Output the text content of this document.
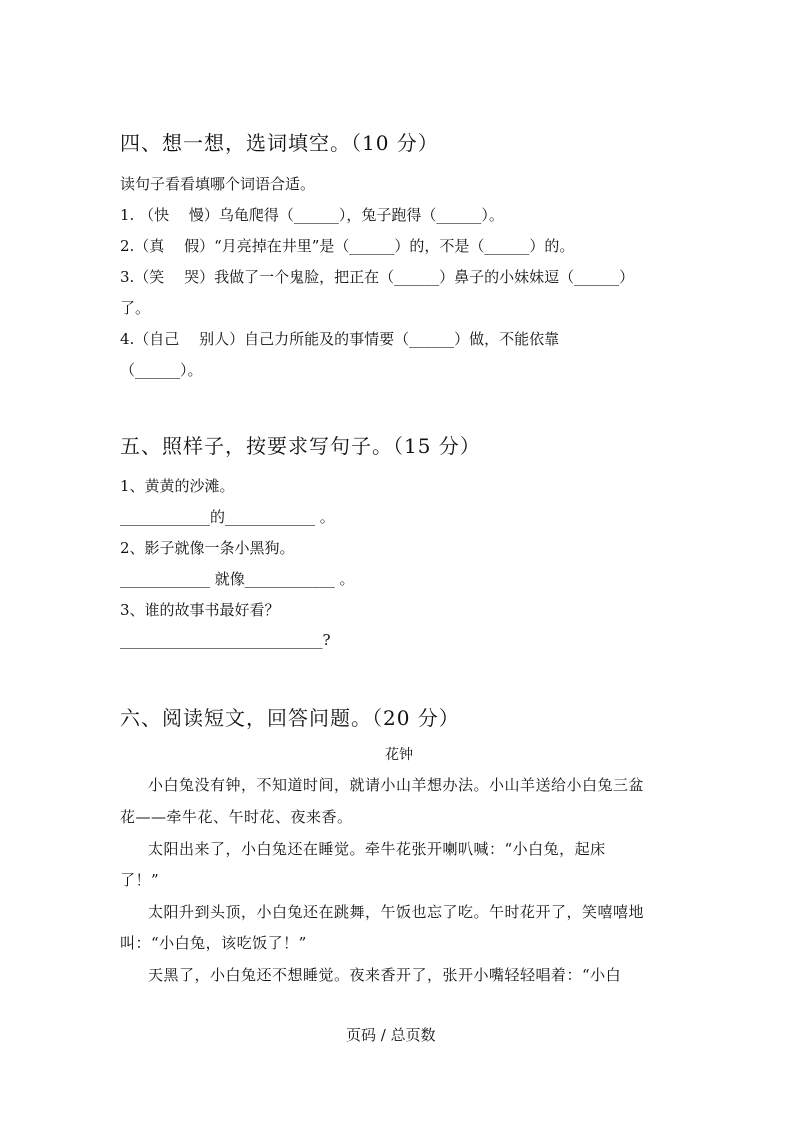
四、想一想，选词填空。（10 分）
读句子看看填哪个词语合适。
1. （快　 慢）乌龟爬得（______），兔子跑得（______）。
2.（真　 假）“月亮掉在井里”是（______）的，不是（______）的。
3.（笑　 哭）我做了一个鬼脸，把正在（______）鼻子的小妹妹逗（______）
了。
4.（自己　 别人）自己力所能及的事情要（______）做，不能依靠
（______）。
五、照样子，按要求写句子。（15 分）
1、黄黄的沙滩。
____________的____________ 。
2、影子就像一条小黑狗。
____________ 就像____________ 。
3、谁的故事书最好看？
___________________________?
六、阅读短文，回答问题。（20 分）
花钟
小白兔没有钟，不知道时间，就请小山羊想办法。小山羊送给小白兔三盆
花——牵牛花、午时花、夜来香。
太阳出来了，小白兔还在睡觉。牵牛花张开喇叭喊：“小白兔，起床
了！”
太阳升到头顶，小白兔还在跳舞，午饭也忘了吃。午时花开了，笑嘻嘻地
叫：“小白兔，该吃饭了！”
天黑了，小白兔还不想睡觉。夜来香开了，张开小嘴轻轻唱着：“小白
页码 / 总页数
